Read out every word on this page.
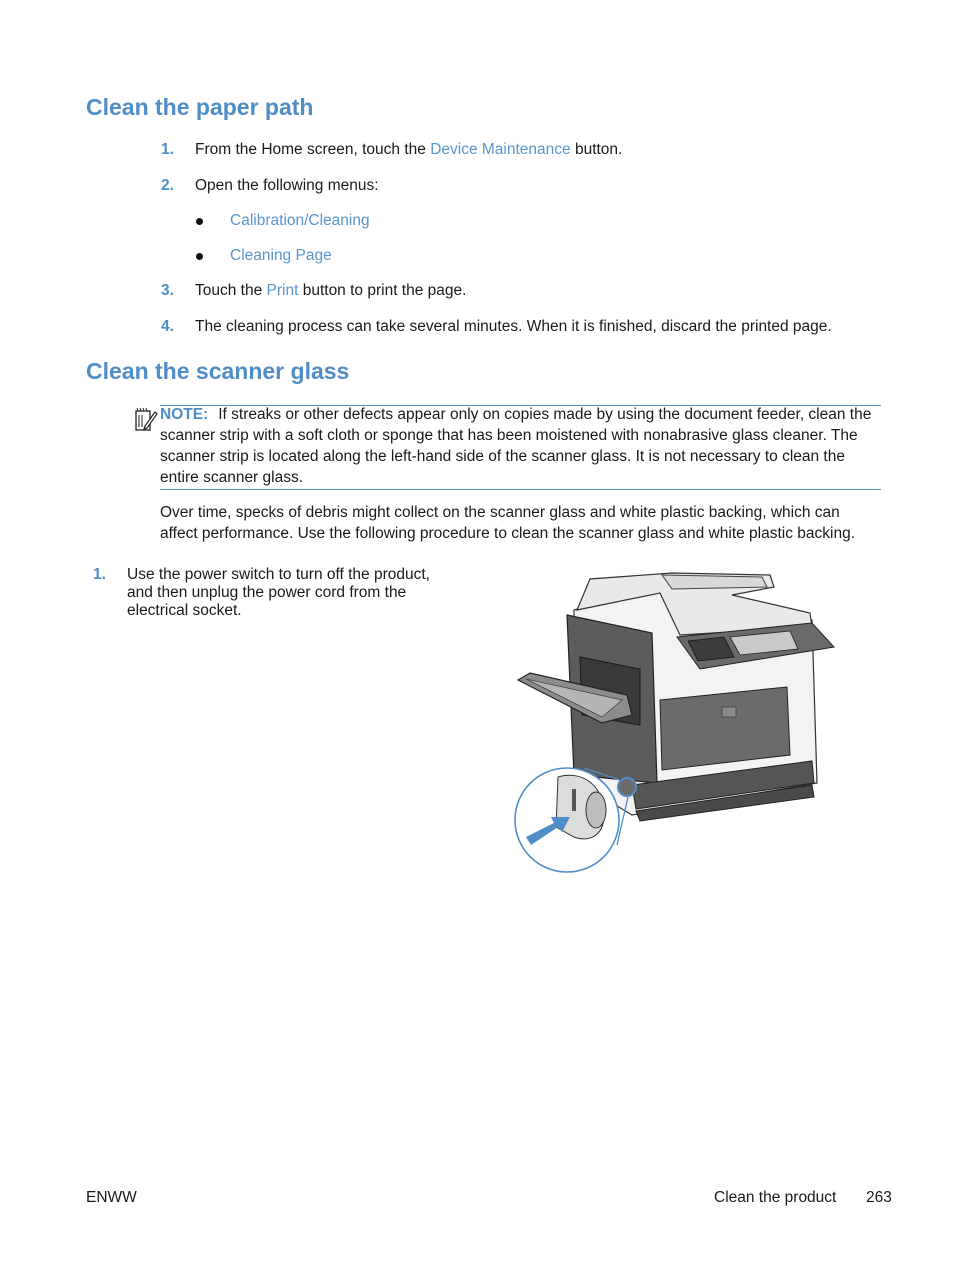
Clean the paper path
1.	From the Home screen, touch the Device Maintenance button.
2.	Open the following menus:
Calibration/Cleaning
Cleaning Page
3.	Touch the Print button to print the page.
4.	The cleaning process can take several minutes. When it is finished, discard the printed page.
Clean the scanner glass
NOTE: If streaks or other defects appear only on copies made by using the document feeder, clean the scanner strip with a soft cloth or sponge that has been moistened with nonabrasive glass cleaner. The scanner strip is located along the left-hand side of the scanner glass. It is not necessary to clean the entire scanner glass.
Over time, specks of debris might collect on the scanner glass and white plastic backing, which can affect performance. Use the following procedure to clean the scanner glass and white plastic backing.
1. Use the power switch to turn off the product, and then unplug the power cord from the electrical socket.
ENWW	Clean the product 263
